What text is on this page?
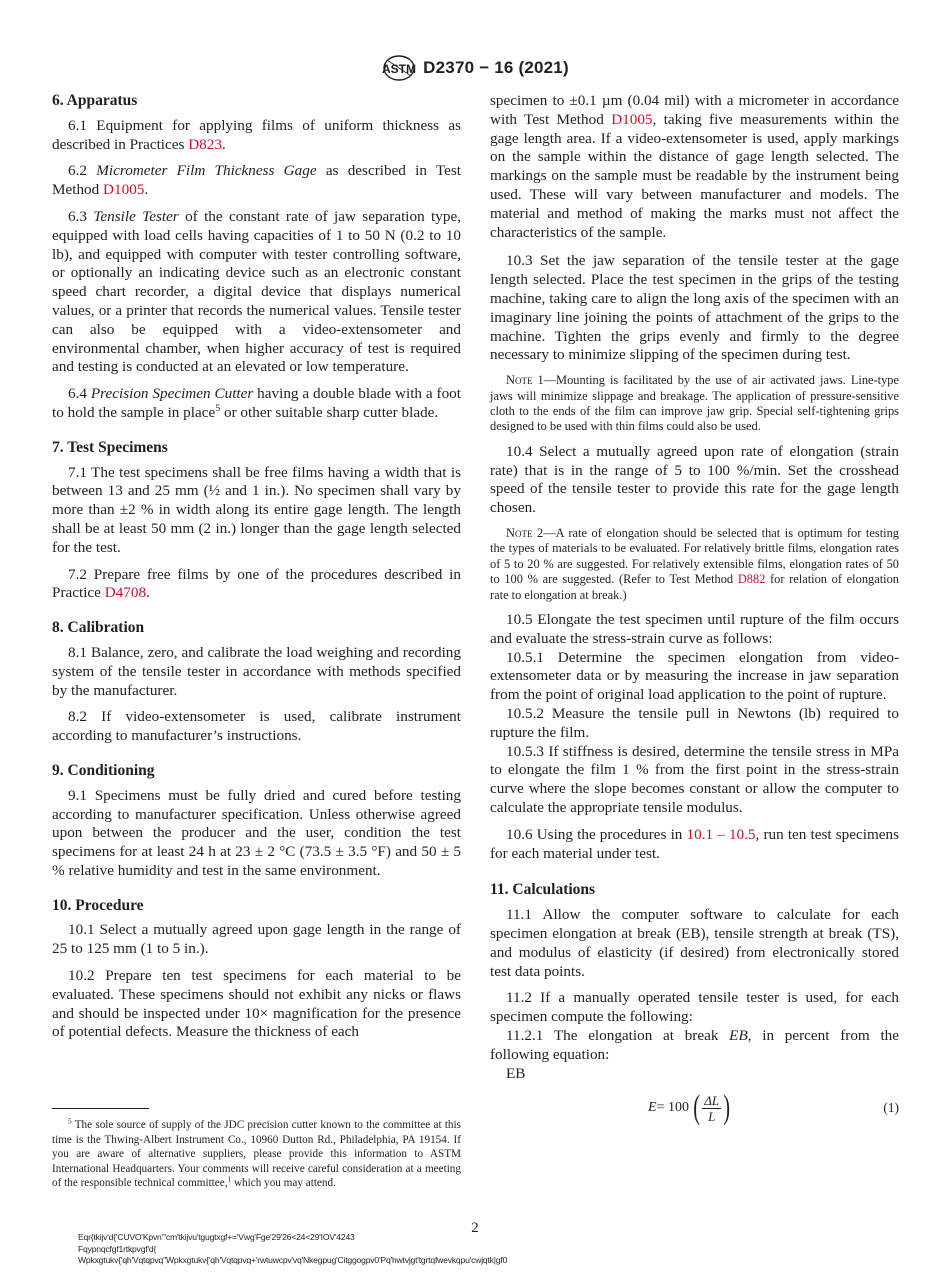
ASTM D2370 − 16 (2021)
6. Apparatus

6.1 Equipment for applying films of uniform thickness as described in Practices D823.

6.2 Micrometer Film Thickness Gage as described in Test Method D1005.

6.3 Tensile Tester of the constant rate of jaw separation type, equipped with load cells having capacities of 1 to 50 N (0.2 to 10 lb), and equipped with computer with tester controlling software, or optionally an indicating device such as an electronic constant speed chart recorder, a digital device that displays numerical values, or a printer that records the numerical values. Tensile tester can also be equipped with a video-extensometer and environmental chamber, when higher accuracy of test is required and testing is conducted at an elevated or low temperature.

6.4 Precision Specimen Cutter having a double blade with a foot to hold the sample in place$^5$ or other suitable sharp cutter blade.

7. Test Specimens

7.1 The test specimens shall be free films having a width that is between 13 and 25 mm (½ and 1 in.). No specimen shall vary by more than ±2 % in width along its entire gage length. The length shall be at least 50 mm (2 in.) longer than the gage length selected for the test.

7.2 Prepare free films by one of the procedures described in Practice D4708.

8. Calibration

8.1 Balance, zero, and calibrate the load weighing and recording system of the tensile tester in accordance with methods specified by the manufacturer.

8.2 If video-extensometer is used, calibrate instrument according to manufacturer’s instructions.

9. Conditioning

9.1 Specimens must be fully dried and cured before testing according to manufacturer specification. Unless otherwise agreed upon between the producer and the user, condition the test specimens for at least 24 h at 23 ± 2 °C (73.5 ± 3.5 °F) and 50 ± 5 % relative humidity and test in the same environment.

10. Procedure

10.1 Select a mutually agreed upon gage length in the range of 25 to 125 mm (1 to 5 in.).

10.2 Prepare ten test specimens for each material to be evaluated. These specimens should not exhibit any nicks or flaws and should be inspected under 10× magnification for the presence of potential defects. Measure the thickness of each

$^5$ The sole source of supply of the JDC precision cutter known to the committee at this time is the Thwing-Albert Instrument Co., 10960 Dutton Rd., Philadelphia, PA 19154. If you are aware of alternative suppliers, please provide this information to ASTM International Headquarters. Your comments will receive careful consideration at a meeting of the responsible technical committee,$^1$ which you may attend.

specimen to ±0.1 µm (0.04 mil) with a micrometer in accordance with Test Method D1005, taking five measurements within the gage length area. If a video-extensometer is used, apply markings on the sample within the distance of gage length selected. The markings on the sample must be readable by the instrument being used. These will vary between manufacturer and models. The material and method of making the marks must not affect the characteristics of the sample.

10.3 Set the jaw separation of the tensile tester at the gage length selected. Place the test specimen in the grips of the testing machine, taking care to align the long axis of the specimen with an imaginary line joining the points of attachment of the grips to the machine. Tighten the grips evenly and firmly to the degree necessary to minimize slipping of the specimen during test.

Note 1—Mounting is facilitated by the use of air activated jaws. Line-type jaws will minimize slippage and breakage. The application of pressure-sensitive cloth to the ends of the film can improve jaw grip. Special self-tightening grips designed to be used with thin films could also be used.

10.4 Select a mutually agreed upon rate of elongation (strain rate) that is in the range of 5 to 100 %/min. Set the crosshead speed of the tensile tester to provide this rate for the gage length chosen.

Note 2—A rate of elongation should be selected that is optimum for testing the types of materials to be evaluated. For relatively brittle films, elongation rates of 5 to 20 % are suggested. For relatively extensible films, elongation rates of 50 to 100 % are suggested. (Refer to Test Method D882 for relation of elongation rate to elongation at break.)

10.5 Elongate the test specimen until rupture of the film occurs and evaluate the stress-strain curve as follows:

10.5.1 Determine the specimen elongation from video-extensometer data or by measuring the increase in jaw separation from the point of original load application to the point of rupture.

10.5.2 Measure the tensile pull in Newtons (lb) required to rupture the film.

10.5.3 If stiffness is desired, determine the tensile stress in MPa to elongate the film 1 % from the first point in the stress-strain curve where the slope becomes constant or allow the computer to calculate the appropriate tensile modulus.

10.6 Using the procedures in 10.1 – 10.5, run ten test specimens for each material under test.

11. Calculations

11.1 Allow the computer software to calculate for each specimen elongation at break (EB), tensile strength at break (TS), and modulus of elasticity (if desired) from electronically stored test data points.

11.2 If a manually operated tensile tester is used, for each specimen compute the following:

11.2.1 The elongation at break EB, in percent from the following equation:

EB

E = 100 ( $\frac{\Delta L}{L}$ )	(1)
2
Eqr{tkijv'd{'CUVO'Kpvn"'cm'tkijvu'tgugtxgf+='Vwg'Fge'29'26<24<29'IOV'4243
Fqypnqcfgf1rtkpvgf'd{
Wpkxgtukv{'qh'Vqtqpvq''Wpkxgtukv{'qh'Vqtqpvq+'rwtuwcpv'vq'Nkegpug'Citggogpv0'Pq'hwtvjgt'tgrtqfwevkqpu'cwjqtk|gf0
